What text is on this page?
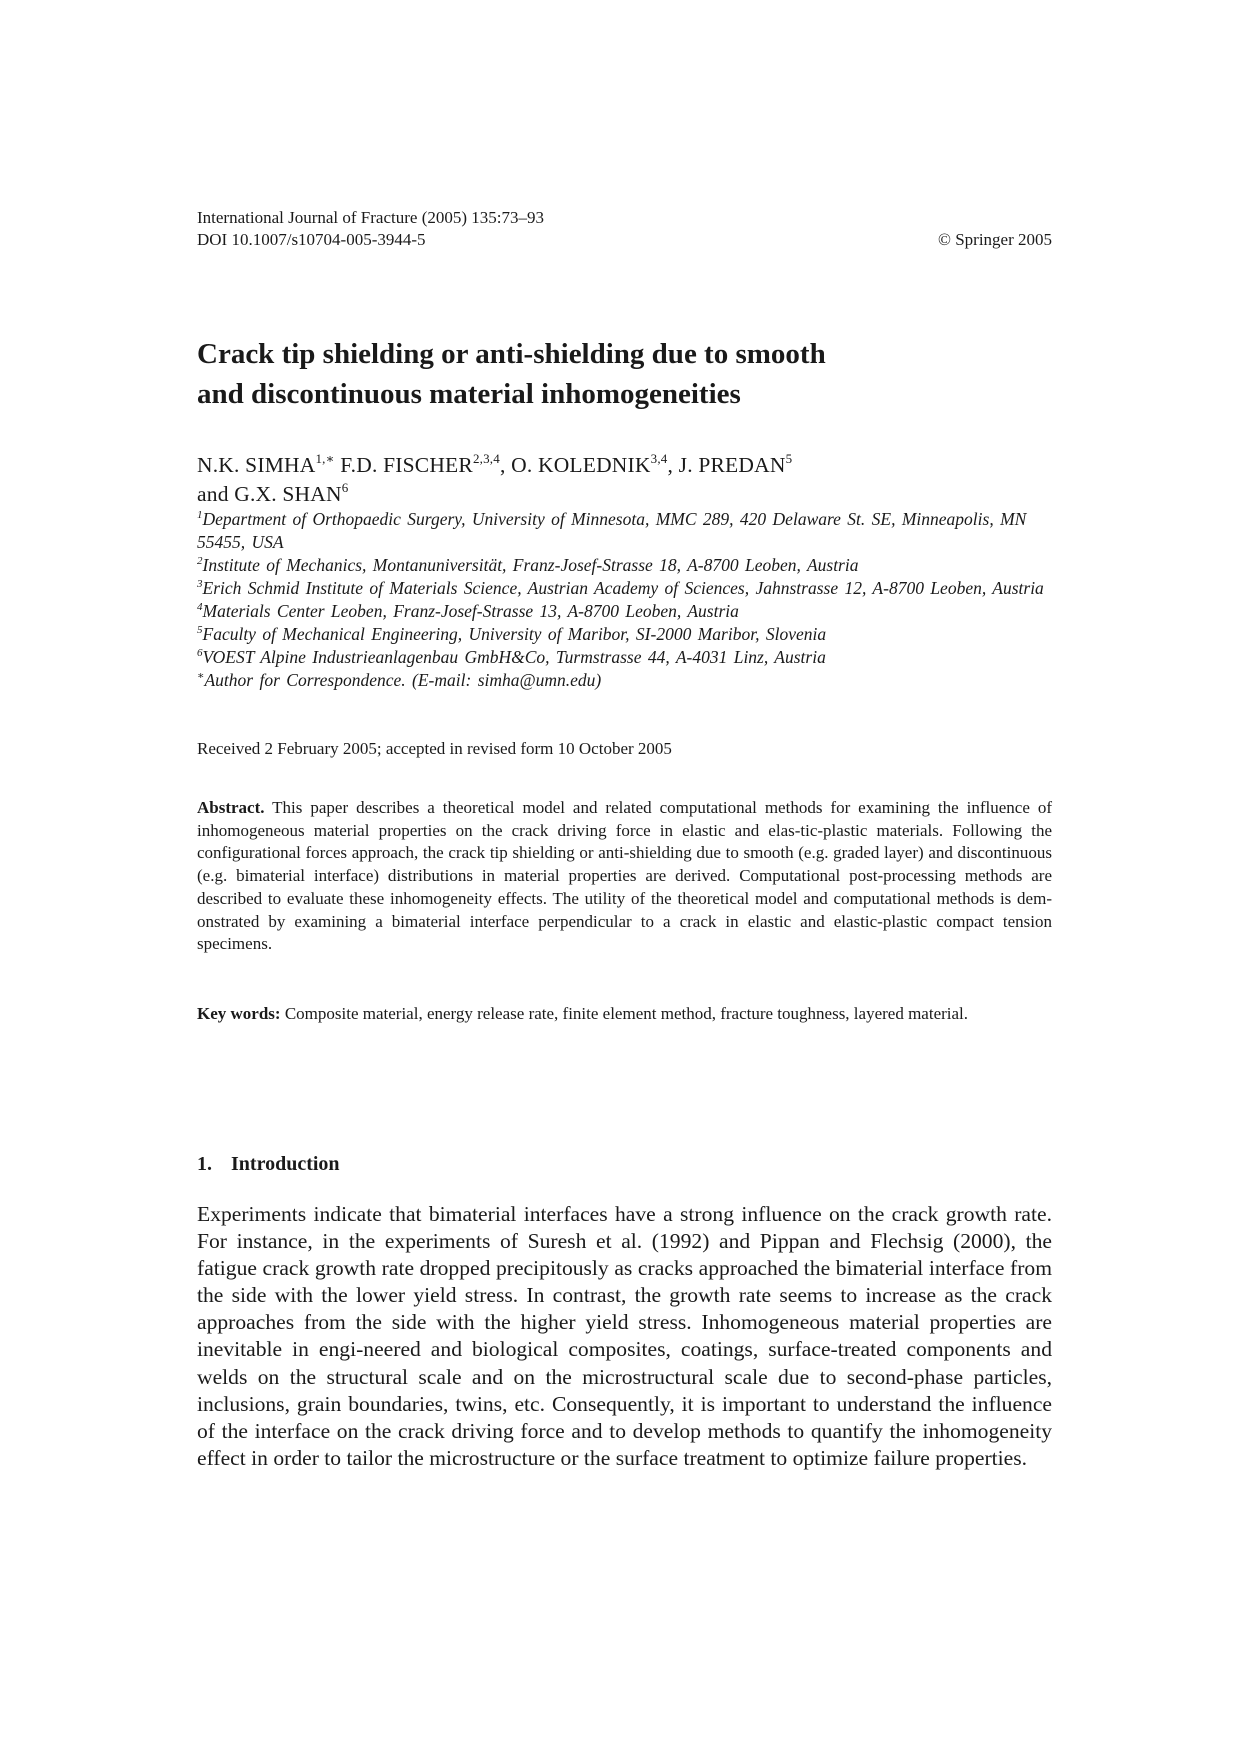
International Journal of Fracture (2005) 135:73–93
DOI 10.1007/s10704-005-3944-5	© Springer 2005
Crack tip shielding or anti-shielding due to smooth
and discontinuous material inhomogeneities
N.K. $SIMHA^{1,∗}$ F.D. FISCHER$^{2,3,4}$, O. KOLEDNIK$^{3,4}$, J. PREDAN$^5$
and G.X. SHAN$^6$
$^1$Department of Orthopaedic Surgery, University of Minnesota, MMC 289, 420 Delaware St. SE, Minneapolis, MN 55455, USA
$^2$Institute of Mechanics, Montanuniversität, Franz-Josef-Strasse 18, A-8700 Leoben, Austria
$^3$Erich Schmid Institute of Materials Science, Austrian Academy of Sciences, Jahnstrasse 12, A-8700 Leoben, Austria
$^4$Materials Center Leoben, Franz-Josef-Strasse 13, A-8700 Leoben, Austria
$^5$Faculty of Mechanical Engineering, University of Maribor, SI-2000 Maribor, Slovenia
$^6$VOEST Alpine Industrieanlagenbau GmbH&Co, Turmstrasse 44, A-4031 Linz, Austria
∗Author for Correspondence. (E-mail: simha@umn.edu)
Received 2 February 2005; accepted in revised form 10 October 2005
Abstract. This paper describes a theoretical model and related computational methods for examining the influence of inhomogeneous material properties on the crack driving force in elastic and elas-tic-plastic materials. Following the configurational forces approach, the crack tip shielding or anti-shielding due to smooth (e.g. graded layer) and discontinuous (e.g. bimaterial interface) distributions in material properties are derived. Computational post-processing methods are described to evaluate these inhomogeneity effects. The utility of the theoretical model and computational methods is dem-onstrated by examining a bimaterial interface perpendicular to a crack in elastic and elastic-plastic compact tension specimens.
Key words: Composite material, energy release rate, finite element method, fracture toughness, layered material.
1. Introduction
Experiments indicate that bimaterial interfaces have a strong influence on the crack growth rate. For instance, in the experiments of Suresh et al. (1992) and Pippan and Flechsig (2000), the fatigue crack growth rate dropped precipitously as cracks approached the bimaterial interface from the side with the lower yield stress. In contrast, the growth rate seems to increase as the crack approaches from the side with the higher yield stress. Inhomogeneous material properties are inevitable in engi-neered and biological composites, coatings, surface-treated components and welds on the structural scale and on the microstructural scale due to second-phase particles, inclusions, grain boundaries, twins, etc. Consequently, it is important to understand the influence of the interface on the crack driving force and to develop methods to quantify the inhomogeneity effect in order to tailor the microstructure or the surface treatment to optimize failure properties.
